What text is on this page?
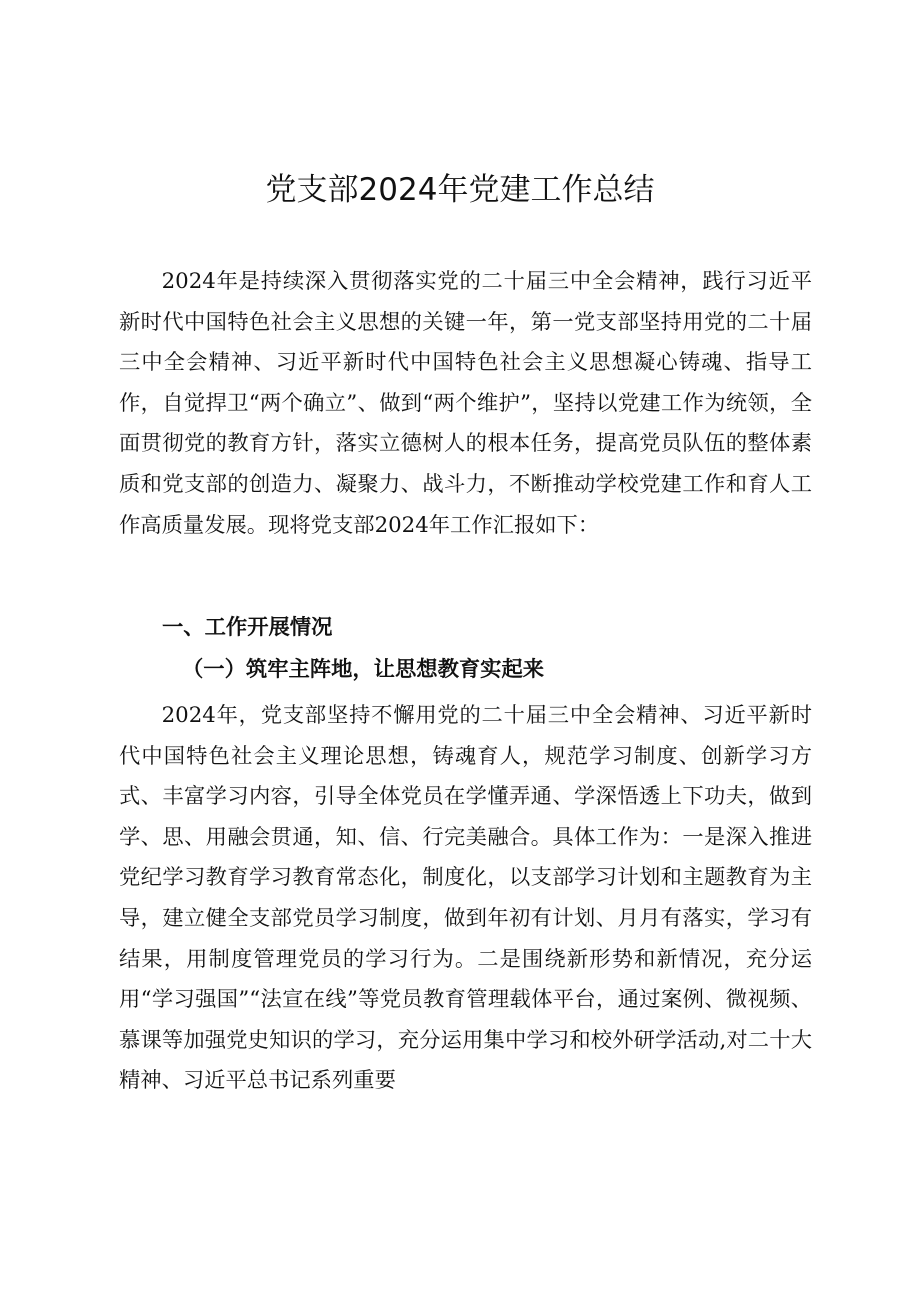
党支部2024年党建工作总结

2024年是持续深入贯彻落实党的二十届三中全会精神，践行习近平新时代中国特色社会主义思想的关键一年，第一党支部坚持用党的二十届三中全会精神、习近平新时代中国特色社会主义思想凝心铸魂、指导工作，自觉捍卫“两个确立”、做到“两个维护”，坚持以党建工作为统领，全面贯彻党的教育方针，落实立德树人的根本任务，提高党员队伍的整体素质和党支部的创造力、凝聚力、战斗力，不断推动学校党建工作和育人工作高质量发展。现将党支部2024年工作汇报如下：

一、工作开展情况
（一）筑牢主阵地，让思想教育实起来

2024年，党支部坚持不懈用党的二十届三中全会精神、习近平新时代中国特色社会主义理论思想，铸魂育人，规范学习制度、创新学习方式、丰富学习内容，引导全体党员在学懂弄通、学深悟透上下功夫，做到学、思、用融会贯通，知、信、行完美融合。具体工作为：一是深入推进党纪学习教育学习教育常态化，制度化，以支部学习计划和主题教育为主导，建立健全支部党员学习制度，做到年初有计划、月月有落实，学习有结果，用制度管理党员的学习行为。二是围绕新形势和新情况，充分运用“学习强国”“法宣在线”等党员教育管理载体平台，通过案例、微视频、慕课等加强党史知识的学习，充分运用集中学习和校外研学活动,对二十大精神、习近平总书记系列重要
